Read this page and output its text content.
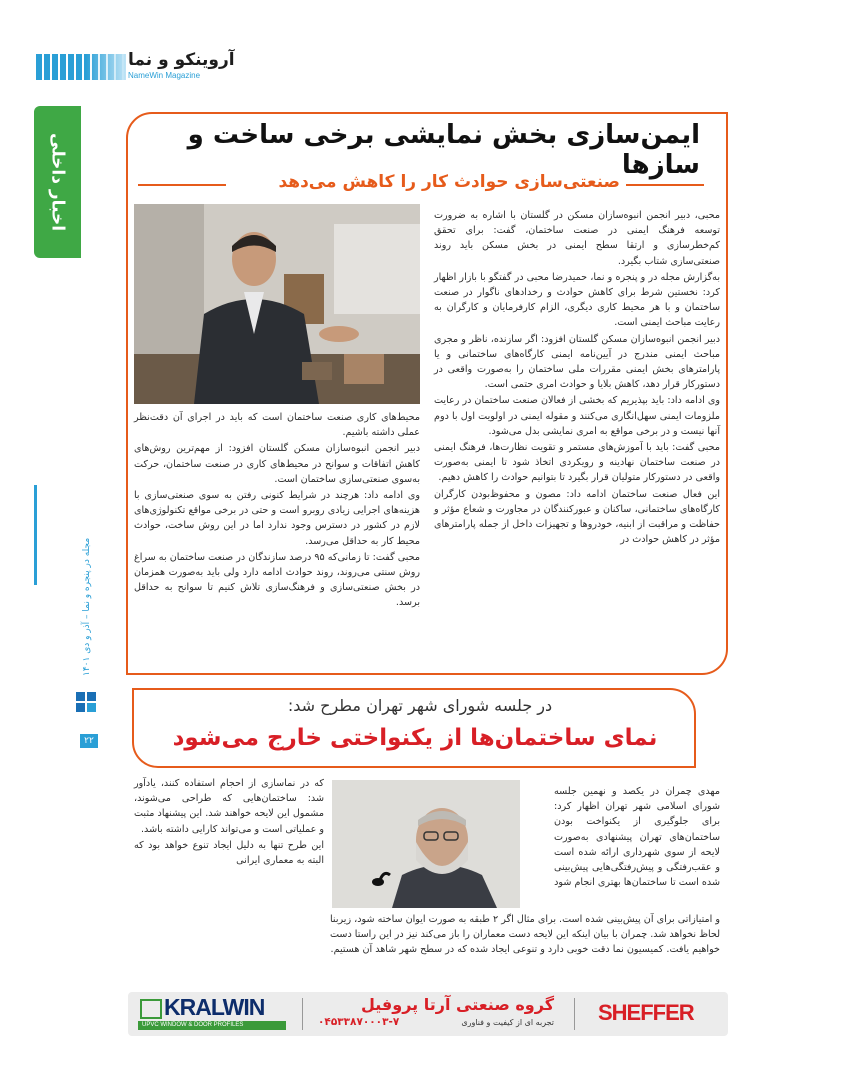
آروینکو و نما
NameWin Magazine
اخبار داخلی
مجله در پنجره و نما – آذر و دی ۱۴۰۱
۲۲
ایمن‌سازی بخش نمایشی برخی ساخت و سازها
صنعتی‌سازی حوادث کار را کاهش می‌دهد

محبی، دبیر انجمن انبوه‌سازان مسکن در گلستان با اشاره به ضرورت توسعه فرهنگ ایمنی در صنعت ساختمان، گفت: برای تحقق کم‌خطرسازی و ارتقا سطح ایمنی در بخش مسکن باید روند صنعتی‌سازی شتاب بگیرد.

به‌گزارش مجله در و پنجره و نما، حمیدرضا محبی در گفتگو با بازار اظهار کرد: نخستین شرط برای کاهش حوادث و رخدادهای ناگوار در صنعت ساختمان و با هر محیط کاری دیگری، الزام کارفرمایان و کارگران به رعایت مباحث ایمنی است.

دبیر انجمن انبوه‌سازان مسکن گلستان افزود: اگر سازنده، ناظر و مجری مباحث ایمنی مندرج در آیین‌نامه ایمنی کارگاه‌های ساختمانی و یا پارامترهای بخش ایمنی مقررات ملی ساختمان را به‌صورت واقعی در دستورکار قرار دهد، کاهش بلایا و حوادث امری حتمی است.

وی ادامه داد: باید بپذیریم که بخشی از فعالان صنعت ساختمان در رعایت ملزومات ایمنی سهل‌انگاری می‌کنند و مقوله ایمنی در اولویت اول با دوم آنها نیست و در برخی مواقع به امری نمایشی بدل می‌شود.

محبی گفت: باید با آموزش‌های مستمر و تقویت نظارت‌ها، فرهنگ ایمنی در صنعت ساختمان نهادینه و رویکردی اتخاذ شود تا ایمنی به‌صورت واقعی در دستورکار متولیان قرار بگیرد تا بتوانیم حوادث را کاهش دهیم.

این فعال صنعت ساختمان ادامه داد: مصون و محفوظ‌بودن کارگران کارگاه‌های ساختمانی، ساکنان و عبورکنندگان در مجاورت و شعاع مؤثر و حفاظت و مراقبت از ابنیه، خودروها و تجهیزات داخل از جمله پارامترهای مؤثر در کاهش حوادث در

محیط‌های کاری صنعت ساختمان است که باید در اجرای آن دقت‌نظر عملی داشته باشیم.

دبیر انجمن انبوه‌سازان مسکن گلستان افزود: از مهم‌ترین روش‌های کاهش اتفاقات و سوانح در محیط‌های کاری در صنعت ساختمان، حرکت به‌سوی صنعتی‌سازی ساختمان است.

وی ادامه داد: هرچند در شرایط کنونی رفتن به سوی صنعتی‌سازی با هزینه‌های اجرایی زیادی روبرو است و حتی در برخی مواقع تکنولوژی‌های لازم در کشور در دسترس وجود ندارد اما در این روش ساخت، حوادث محیط کار به حداقل می‌رسد.

محبی گفت: تا زمانی‌که ۹۵ درصد سازندگان در صنعت ساختمان به سراغ روش سنتی می‌روند، روند حوادث ادامه دارد ولی باید به‌صورت همزمان در بخش صنعتی‌سازی و فرهنگ‌سازی تلاش کنیم تا سوانح به حداقل برسد.

در جلسه شورای شهر تهران مطرح شد:
نمای ساختمان‌ها از یکنواختی خارج می‌شود

مهدی چمران در یکصد و نهمین جلسه شورای اسلامی شهر تهران اظهار کرد: برای جلوگیری از یکنواخت بودن ساختمان‌های تهران پیشنهادی به‌صورت لایحه از سوی شهرداری ارائه شده است و عقب‌رفتگی و پیش‌رفتگی‌هایی پیش‌بینی شده است تا ساختمان‌ها بهتری انجام شود

که در نماسازی از احجام استفاده کنند، یادآور شد: ساختمان‌هایی که طراحی می‌شوند، مشمول این لایحه خواهند شد. این پیشنهاد مثبت و عملیاتی است و می‌تواند کارایی داشته باشد.

این طرح تنها به دلیل ایجاد تنوع خواهد بود که البته به معماری ایرانی

و امتیازاتی برای آن پیش‌بینی شده است. برای مثال اگر ۲ طبقه به صورت ایوان ساخته شود، زیربنا لحاظ نخواهد شد. چمران با بیان اینکه این لایحه دست معماران را باز می‌کند نیز در این راستا دست خواهیم یافت. کمیسیون نما دقت خوبی دارد و تنوعی ایجاد شده که در سطح شهر شاهد آن هستیم.
KRALWIN
UPVC WINDOW & DOOR PROFILES
گروه صنعتی آرتا پروفیل
۰۴۵۳۳۸۷۰۰۰۳-۷	تجربه ای از کیفیت و فناوری SHEFFER
